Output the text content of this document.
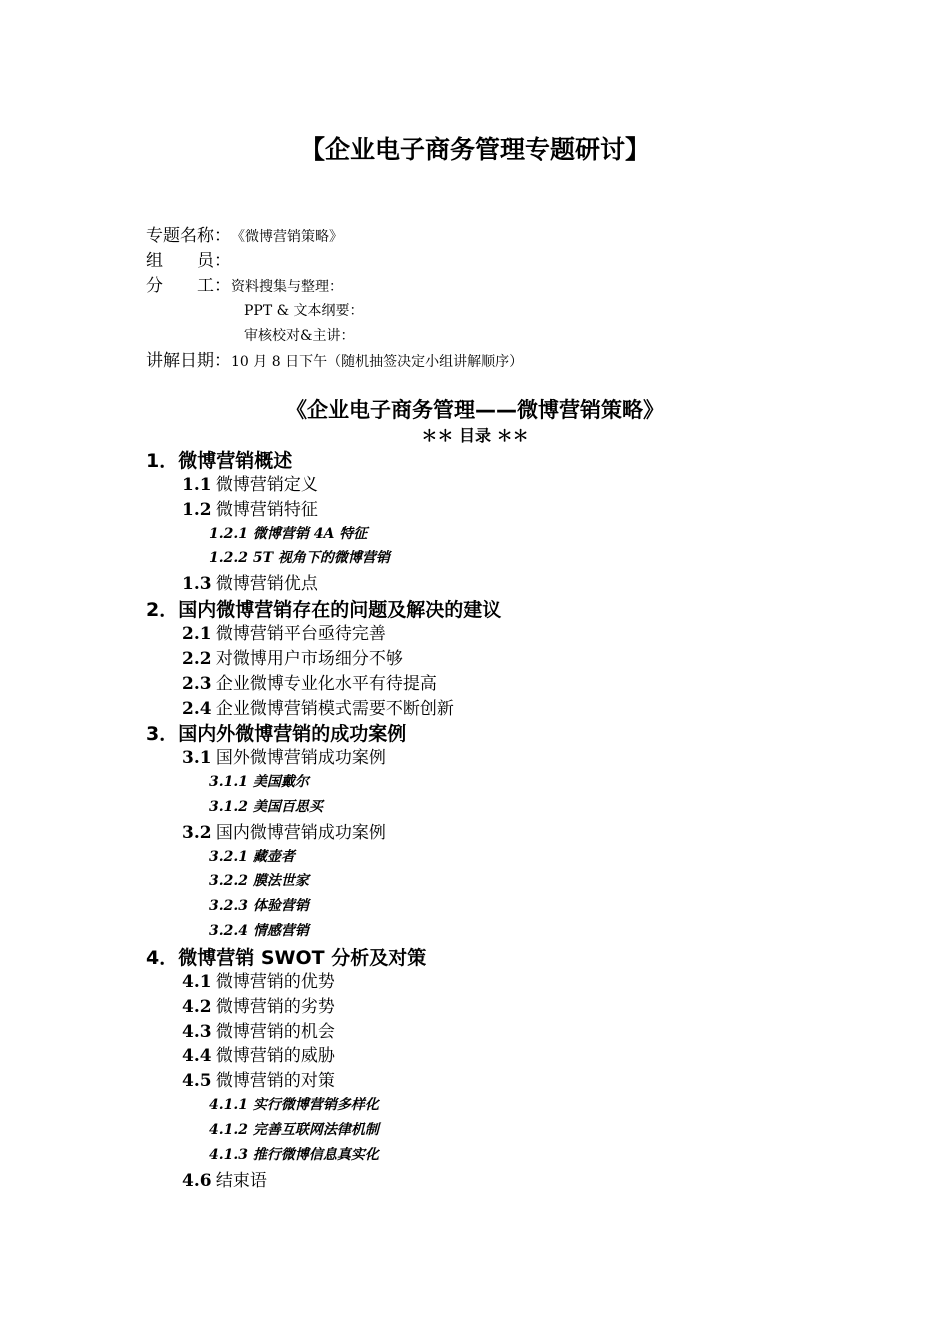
【企业电子商务管理专题研讨】
专题名称：《微博营销策略》
组　　员：
分　　工：资料搜集与整理：
PPT & 文本纲要：
审核校对&主讲：
讲解日期：10 月 8 日下午（随机抽签决定小组讲解顺序）
《企业电子商务管理——微博营销策略》
＊＊ 目录 ＊＊
1．微博营销概述
1.1 微博营销定义
1.2 微博营销特征
1.2.1 微博营销 4A 特征
1.2.2 5T 视角下的微博营销
1.3 微博营销优点
2．国内微博营销存在的问题及解决的建议
2.1 微博营销平台亟待完善
2.2 对微博用户市场细分不够
2.3 企业微博专业化水平有待提高
2.4 企业微博营销模式需要不断创新
3．国内外微博营销的成功案例
3.1 国外微博营销成功案例
3.1.1 美国戴尔
3.1.2 美国百思买
3.2 国内微博营销成功案例
3.2.1 藏壶者
3.2.2 膜法世家
3.2.3 体验营销
3.2.4 情感营销
4．微博营销 SWOT 分析及对策
4.1 微博营销的优势
4.2 微博营销的劣势
4.3 微博营销的机会
4.4 微博营销的威胁
4.5 微博营销的对策
4.1.1 实行微博营销多样化
4.1.2 完善互联网法律机制
4.1.3 推行微博信息真实化
4.6 结束语
